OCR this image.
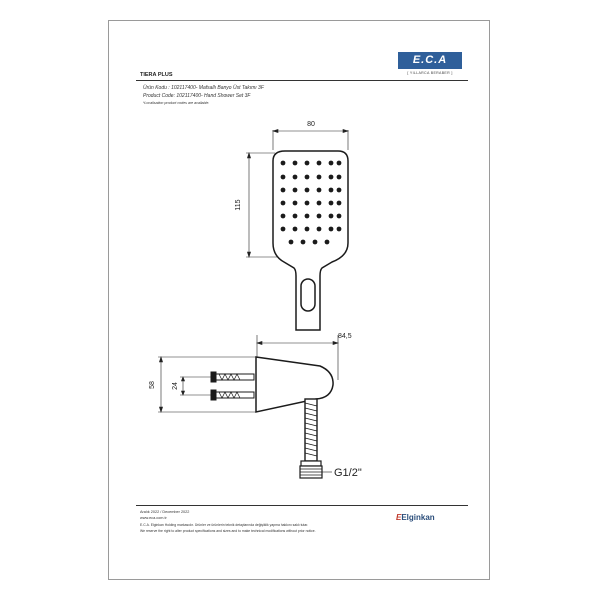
E.C.A
[ YILLARCA BERABER ]
TIERA PLUS
Ürün Kodu : 102117400- Mafsallı Banyo Üst Takımı 3F
Product Code: 102117400- Hand Shower Set 3F
*Localisation product codes are available.
80
115
84,5
58 24
G1/2"
Aralık 2022 / December 2022
www.eca.com.tr
E.C.A. Elginkan Holding markasıdır. Ürünler ve ürünlerin teknik detaylarında değişiklik yapma hakkını saklı tutar.
We reserve the right to alter product specifications and sizes and to make technical modifications without prior notice.
EElginkan
